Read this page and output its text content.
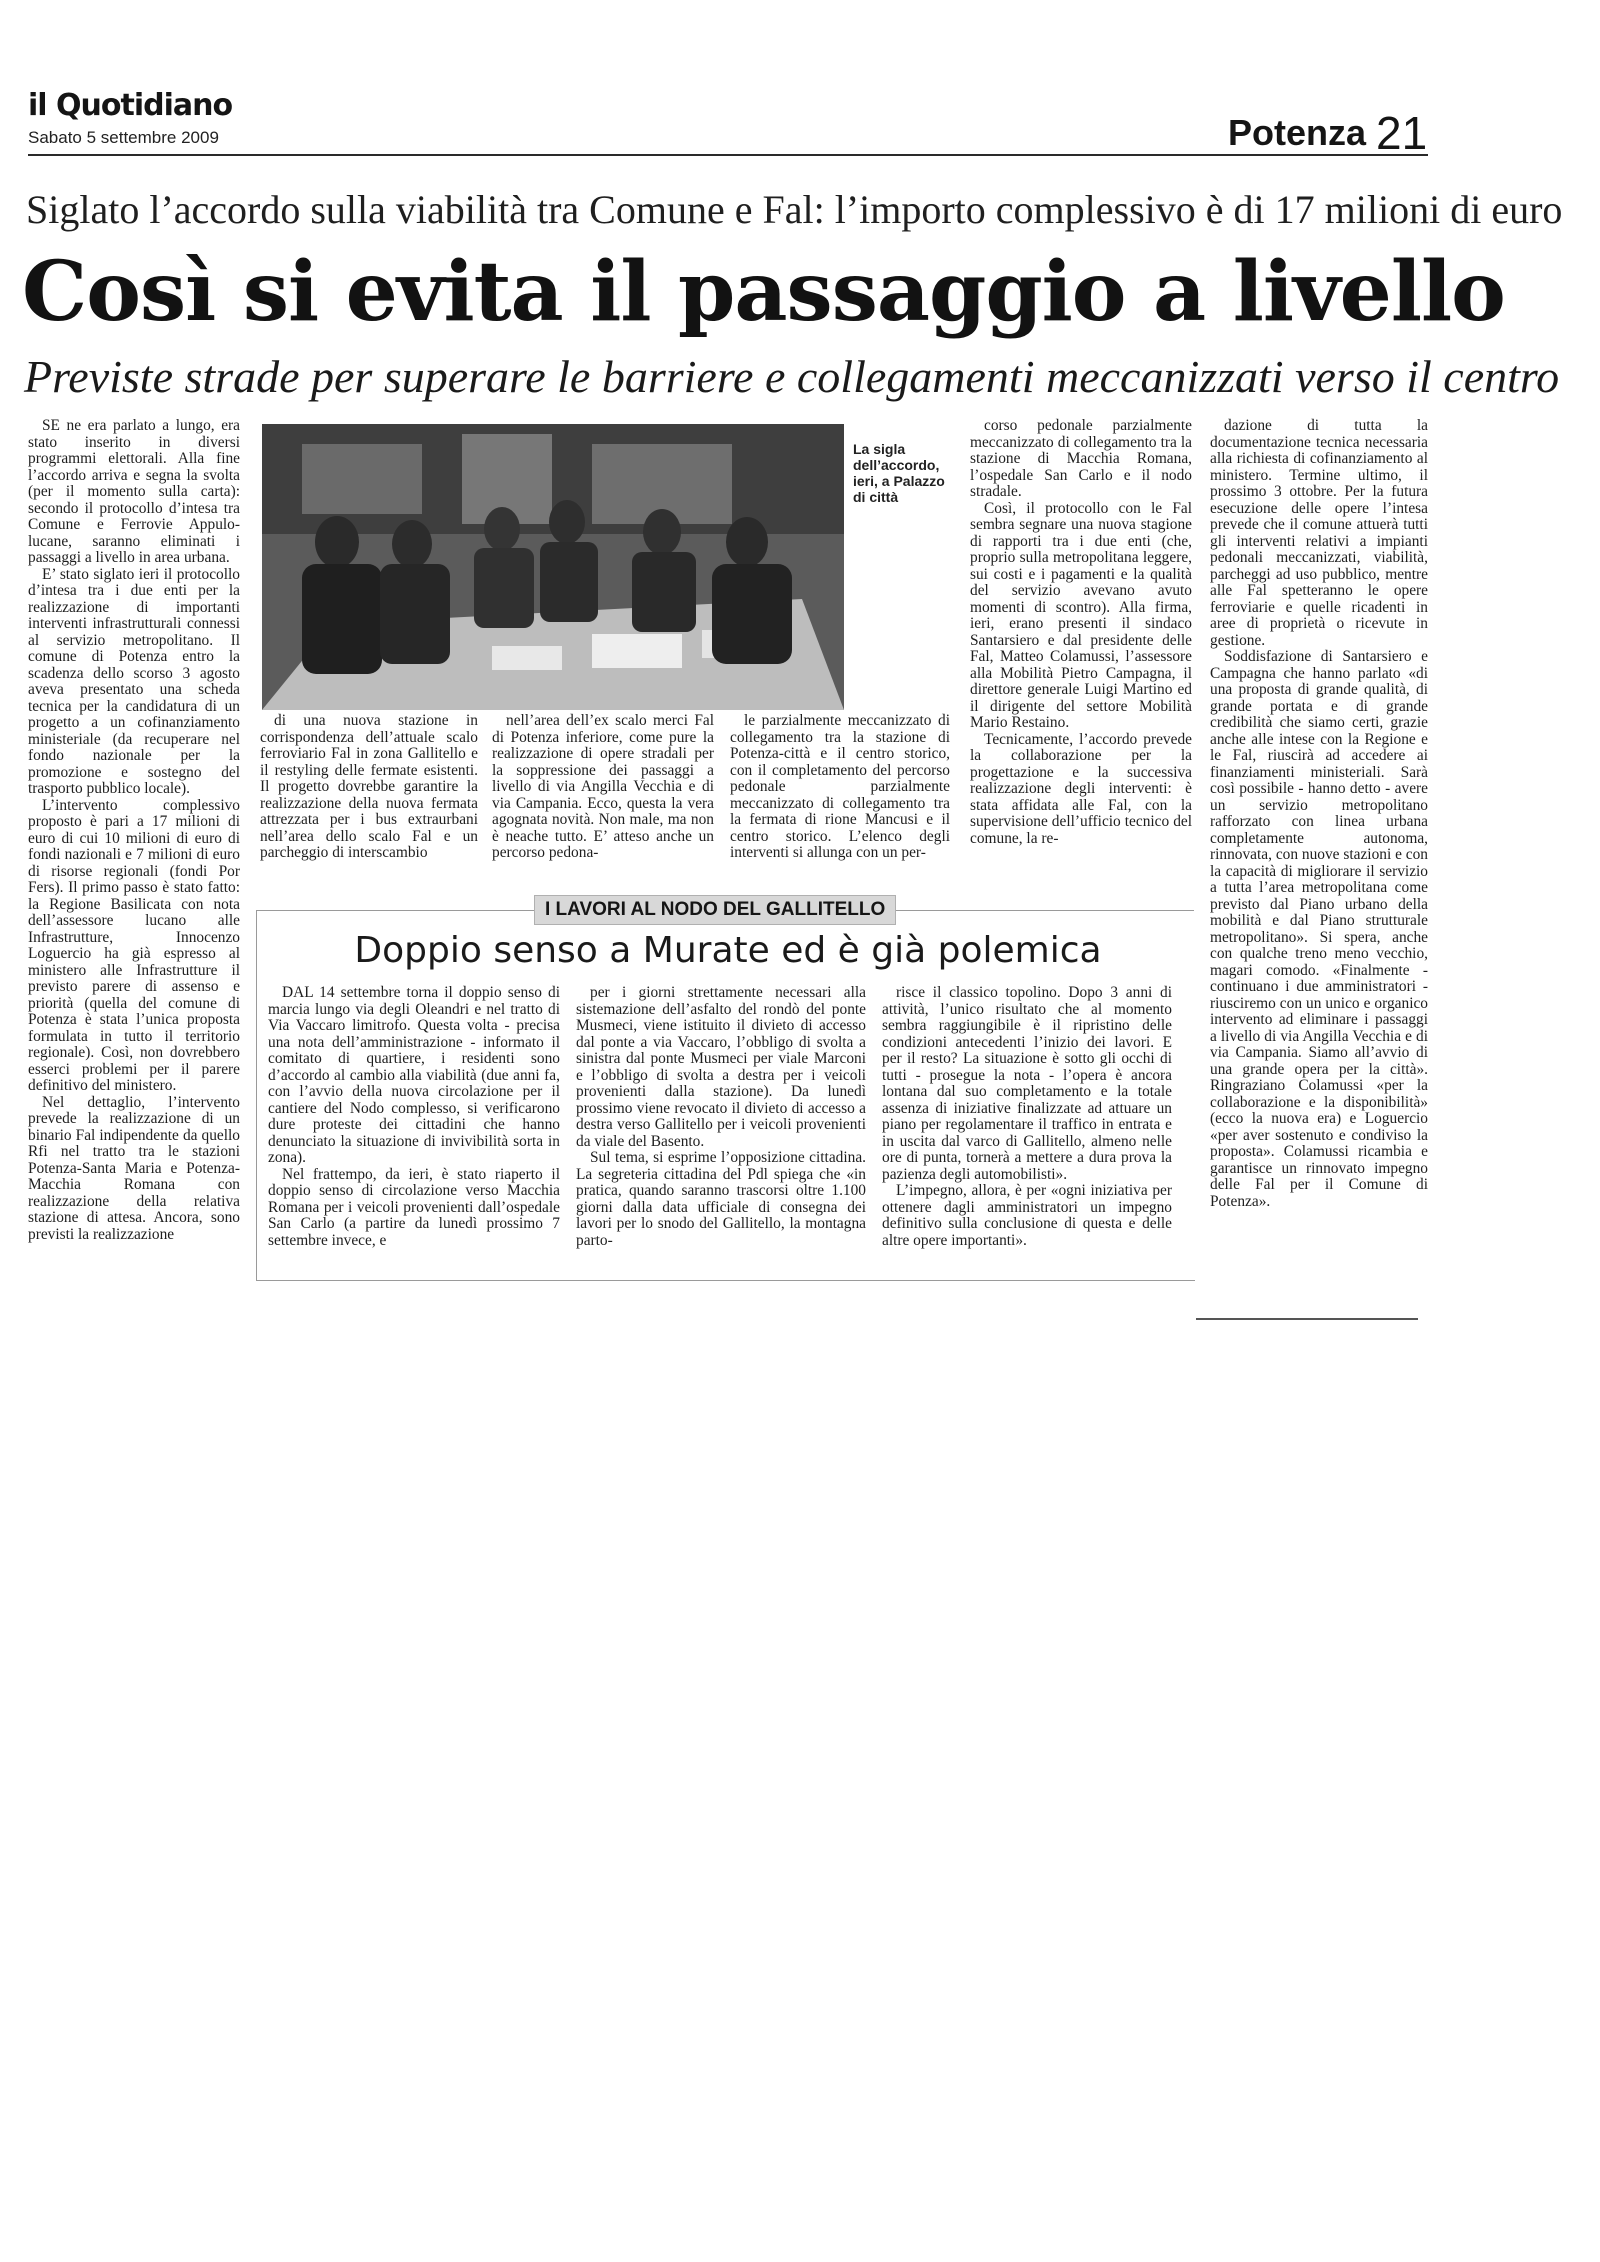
il Quotidiano
Sabato 5 settembre 2009	Potenza 21
Siglato l’accordo sulla viabilità tra Comune e Fal: l’importo complessivo è di 17 milioni di euro
Così si evita il passaggio a livello
Previste strade per superare le barriere e collegamenti meccanizzati verso il centro
La sigla dell’accordo, ieri, a Palazzo di città

SE ne era parlato a lungo, era stato inserito in diversi programmi elettorali. Alla fine l’accordo arriva e segna la svolta (per il momento sulla carta): secondo il protocollo d’intesa tra Comune e Ferrovie Appulo-lucane, saranno eliminati i passaggi a livello in area urbana.

E’ stato siglato ieri il protocollo d’intesa tra i due enti per la realizzazione di importanti interventi infrastrutturali connessi al servizio metropolitano. Il comune di Potenza entro la scadenza dello scorso 3 agosto aveva presentato una scheda tecnica per la candidatura di un progetto a un cofinanziamento ministeriale (da recuperare nel fondo nazionale per la promozione e sostegno del trasporto pubblico locale).

L’intervento complessivo proposto è pari a 17 milioni di euro di cui 10 milioni di euro di fondi nazionali e 7 milioni di euro di risorse regionali (fondi Por Fers). Il primo passo è stato fatto: la Regione Basilicata con nota dell’assessore lucano alle Infrastrutture, Innocenzo Loguercio ha già espresso al ministero alle Infrastrutture il previsto parere di assenso e priorità (quella del comune di Potenza è stata l’unica proposta formulata in tutto il territorio regionale). Così, non dovrebbero esserci problemi per il parere definitivo del ministero.

Nel dettaglio, l’intervento prevede la realizzazione di un binario Fal indipendente da quello Rfi nel tratto tra le stazioni Potenza-Santa Maria e Potenza-Macchia Romana con realizzazione della relativa stazione di attesa. Ancora, sono previsti la realizzazione

di una nuova stazione in corrispondenza dell’attuale scalo ferroviario Fal in zona Gallitello e il restyling delle fermate esistenti. Il progetto dovrebbe garantire la realizzazione della nuova fermata attrezzata per i bus extraurbani nell’area dello scalo Fal e un parcheggio di interscambio

nell’area dell’ex scalo merci Fal di Potenza inferiore, come pure la realizzazione di opere stradali per la soppressione dei passaggi a livello di via Angilla Vecchia e di via Campania. Ecco, questa la vera agognata novità. Non male, ma non è neache tutto. E’ atteso anche un percorso pedona-

le parzialmente meccanizzato di collegamento tra la stazione di Potenza-città e il centro storico, con il completamento del percorso pedonale parzialmente meccanizzato di collegamento tra la fermata di rione Mancusi e il centro storico. L’elenco degli interventi si allunga con un per-

corso pedonale parzialmente meccanizzato di collegamento tra la stazione di Macchia Romana, l’ospedale San Carlo e il nodo stradale.

Così, il protocollo con le Fal sembra segnare una nuova stagione di rapporti tra i due enti (che, proprio sulla metropolitana leggere, sui costi e i pagamenti e la qualità del servizio avevano avuto momenti di scontro). Alla firma, ieri, erano presenti il sindaco Santarsiero e dal presidente delle Fal, Matteo Colamussi, l’assessore alla Mobilità Pietro Campagna, il direttore generale Luigi Martino ed il dirigente del settore Mobilità Mario Restaino.

Tecnicamente, l’accordo prevede la collaborazione per la progettazione e la successiva realizzazione degli interventi: è stata affidata alle Fal, con la supervisione dell’ufficio tecnico del comune, la re-

dazione di tutta la documentazione tecnica necessaria alla richiesta di cofinanziamento al ministero. Termine ultimo, il prossimo 3 ottobre. Per la futura esecuzione delle opere l’intesa prevede che il comune attuerà tutti gli interventi relativi a impianti pedonali meccanizzati, viabilità, parcheggi ad uso pubblico, mentre alle Fal spetteranno le opere ferroviarie e quelle ricadenti in aree di proprietà o ricevute in gestione.

Soddisfazione di Santarsiero e Campagna che hanno parlato «di una proposta di grande qualità, di grande portata e di grande credibilità che siamo certi, grazie anche alle intese con la Regione e le Fal, riuscirà ad accedere ai finanziamenti ministeriali. Sarà così possibile - hanno detto - avere un servizio metropolitano rafforzato con linea urbana completamente autonoma, rinnovata, con nuove stazioni e con la capacità di migliorare il servizio a tutta l’area metropolitana come previsto dal Piano urbano della mobilità e dal Piano strutturale metropolitano». Si spera, anche con qualche treno meno vecchio, magari comodo. «Finalmente - continuano i due amministratori - riusciremo con un unico e organico intervento ad eliminare i passaggi a livello di via Angilla Vecchia e di via Campania. Siamo all’avvio di una grande opera per la città». Ringraziano Colamussi «per la collaborazione e la disponibilità» (ecco la nuova era) e Loguercio «per aver sostenuto e condiviso la proposta». Colamussi ricambia e garantisce un rinnovato impegno delle Fal per il Comune di Potenza».

I LAVORI AL NODO DEL GALLITELLO
Doppio senso a Murate ed è già polemica

DAL 14 settembre torna il doppio senso di marcia lungo via degli Oleandri e nel tratto di Via Vaccaro limitrofo. Questa volta - precisa una nota dell’amministrazione - informato il comitato di quartiere, i residenti sono d’accordo al cambio alla viabilità (due anni fa, con l’avvio della nuova circolazione per il cantiere del Nodo complesso, si verificarono dure proteste dei cittadini che hanno denunciato la situazione di invivibilità sorta in zona).

Nel frattempo, da ieri, è stato riaperto il doppio senso di circolazione verso Macchia Romana per i veicoli provenienti dall’ospedale San Carlo (a partire da lunedì prossimo 7 settembre invece, e

per i giorni strettamente necessari alla sistemazione dell’asfalto del rondò del ponte Musmeci, viene istituito il divieto di accesso dal ponte a via Vaccaro, l’obbligo di svolta a sinistra dal ponte Musmeci per viale Marconi e l’obbligo di svolta a destra per i veicoli provenienti dalla stazione). Da lunedì prossimo viene revocato il divieto di accesso a destra verso Gallitello per i veicoli provenienti da viale del Basento.

Sul tema, si esprime l’opposizione cittadina. La segreteria cittadina del Pdl spiega che «in pratica, quando saranno trascorsi oltre 1.100 giorni dalla data ufficiale di consegna dei lavori per lo snodo del Gallitello, la montagna parto-

risce il classico topolino. Dopo 3 anni di attività, l’unico risultato che al momento sembra raggiungibile è il ripristino delle condizioni antecedenti l’inizio dei lavori. E per il resto? La situazione è sotto gli occhi di tutti - prosegue la nota - l’opera è ancora lontana dal suo completamento e la totale assenza di iniziative finalizzate ad attuare un piano per regolamentare il traffico in entrata e in uscita dal varco di Gallitello, almeno nelle ore di punta, tornerà a mettere a dura prova la pazienza degli automobilisti».

L’impegno, allora, è per «ogni iniziativa per ottenere dagli amministratori un impegno definitivo sulla conclusione di questa e delle altre opere importanti».
